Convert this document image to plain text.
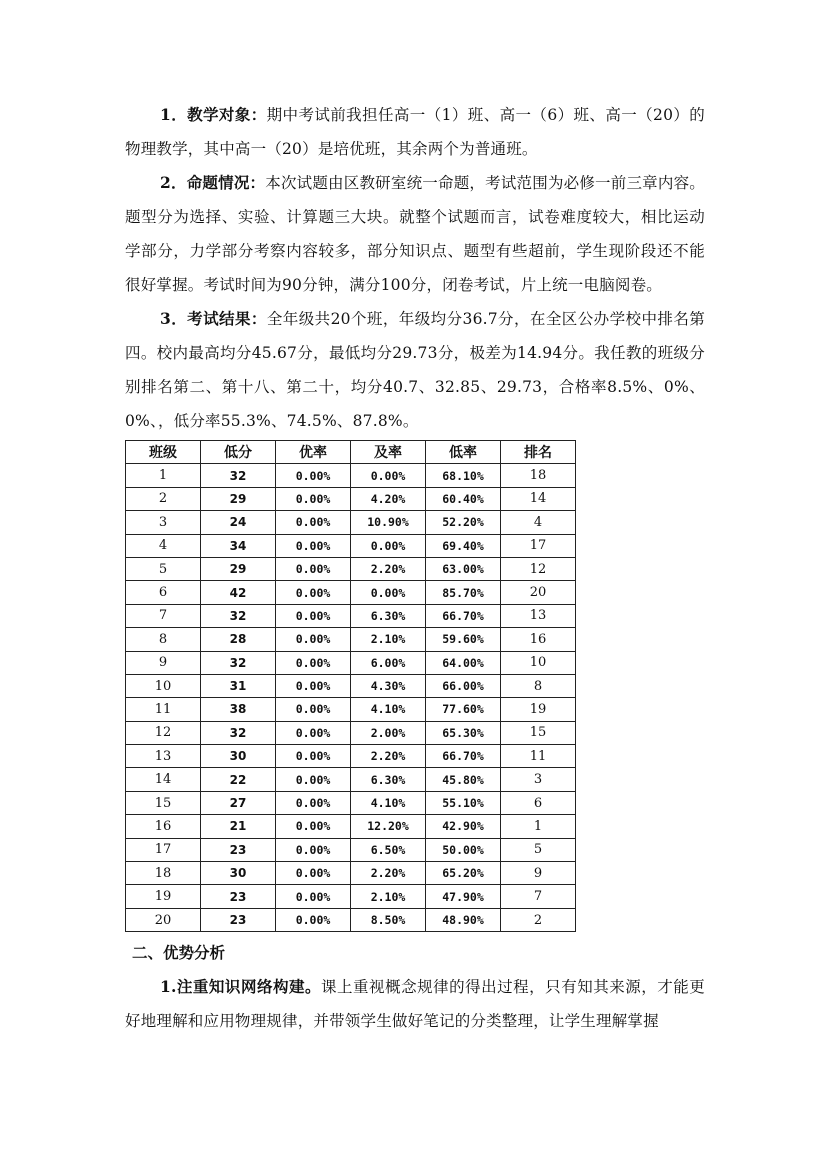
1．教学对象：期中考试前我担任高一（1）班、高一（6）班、高一（20）的物理教学，其中高一（20）是培优班，其余两个为普通班。

2．命题情况：本次试题由区教研室统一命题，考试范围为必修一前三章内容。题型分为选择、实验、计算题三大块。就整个试题而言，试卷难度较大，相比运动学部分，力学部分考察内容较多，部分知识点、题型有些超前，学生现阶段还不能很好掌握。考试时间为90分钟，满分100分，闭卷考试，片上统一电脑阅卷。

3．考试结果：全年级共20个班，年级均分36.7分，在全区公办学校中排名第四。校内最高均分45.67分，最低均分29.73分，极差为14.94分。我任教的班级分别排名第二、第十八、第二十，均分40.7、32.85、29.73，合格率8.5%、0%、0%、，低分率55.3%、74.5%、87.8%。

班级	低分	优率	及率	低率	排名
1	32	0.00%	0.00%	68.10%	18
2	29	0.00%	4.20%	60.40%	14
3	24	0.00%	10.90%	52.20%	4
4	34	0.00%	0.00%	69.40%	17
5	29	0.00%	2.20%	63.00%	12
6	42	0.00%	0.00%	85.70%	20
7	32	0.00%	6.30%	66.70%	13
8	28	0.00%	2.10%	59.60%	16
9	32	0.00%	6.00%	64.00%	10
10	31	0.00%	4.30%	66.00%	8
11	38	0.00%	4.10%	77.60%	19
12	32	0.00%	2.00%	65.30%	15
13	30	0.00%	2.20%	66.70%	11
14	22	0.00%	6.30%	45.80%	3
15	27	0.00%	4.10%	55.10%	6
16	21	0.00%	12.20%	42.90%	1
17	23	0.00%	6.50%	50.00%	5
18	30	0.00%	2.20%	65.20%	9
19	23	0.00%	2.10%	47.90%	7
20	23	0.00%	8.50%	48.90%	2
二、优势分析

1.注重知识网络构建。课上重视概念规律的得出过程，只有知其来源，才能更好地理解和应用物理规律，并带领学生做好笔记的分类整理，让学生理解掌握
